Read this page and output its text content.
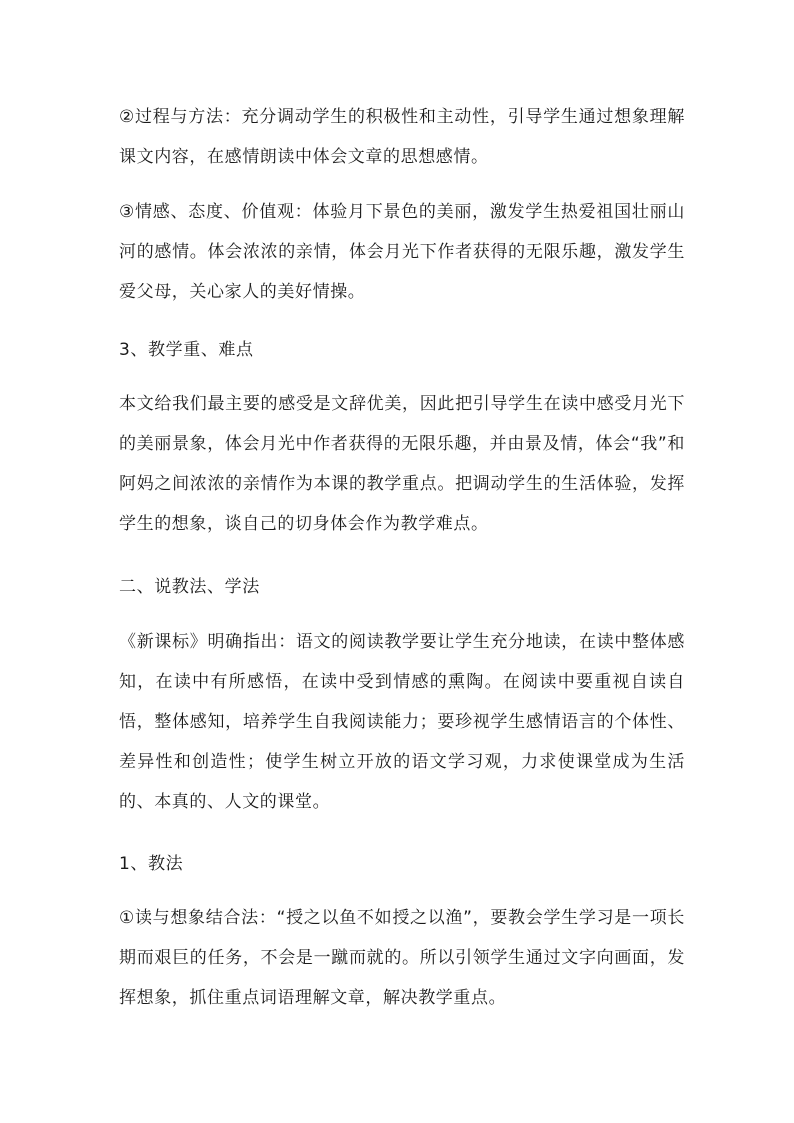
②过程与方法：充分调动学生的积极性和主动性，引导学生通过想象理解课文内容，在感情朗读中体会文章的思想感情。

③情感、态度、价值观：体验月下景色的美丽，激发学生热爱祖国壮丽山河的感情。体会浓浓的亲情，体会月光下作者获得的无限乐趣，激发学生爱父母，关心家人的美好情操。

3、教学重、难点

本文给我们最主要的感受是文辞优美，因此把引导学生在读中感受月光下的美丽景象，体会月光中作者获得的无限乐趣，并由景及情，体会“我”和阿妈之间浓浓的亲情作为本课的教学重点。把调动学生的生活体验，发挥学生的想象，谈自己的切身体会作为教学难点。

二、说教法、学法

《新课标》明确指出：语文的阅读教学要让学生充分地读，在读中整体感知，在读中有所感悟，在读中受到情感的熏陶。在阅读中要重视自读自悟，整体感知，培养学生自我阅读能力；要珍视学生感情语言的个体性、差异性和创造性；使学生树立开放的语文学习观，力求使课堂成为生活的、本真的、人文的课堂。

1、教法

①读与想象结合法：“授之以鱼不如授之以渔”，要教会学生学习是一项长期而艰巨的任务，不会是一蹴而就的。所以引领学生通过文字向画面，发挥想象，抓住重点词语理解文章，解决教学重点。
